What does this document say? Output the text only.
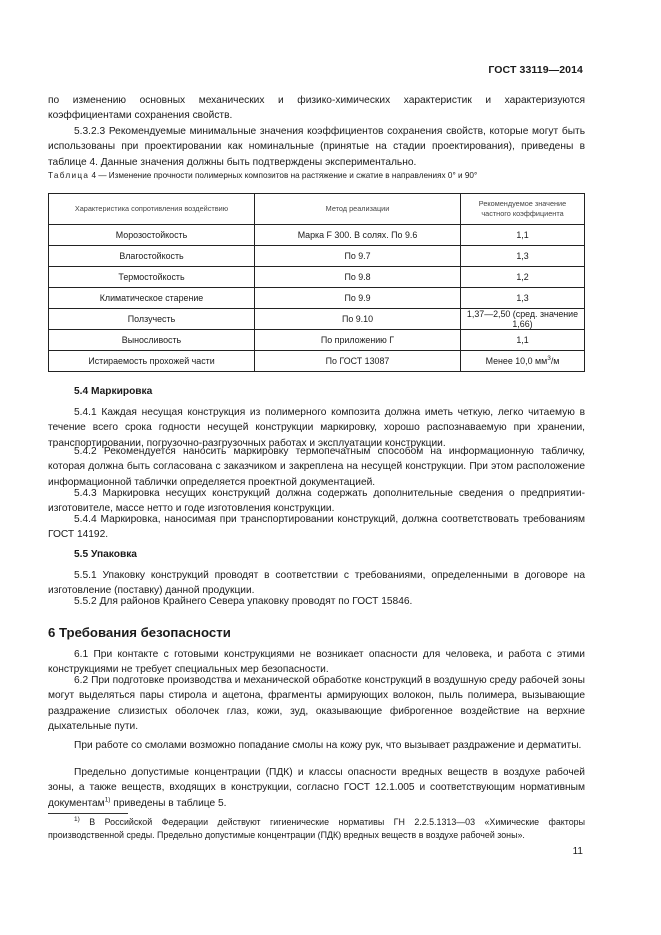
ГОСТ 33119—2014
по изменению основных механических и физико-химических характеристик и характеризуются коэффициентами сохранения свойств.
5.3.2.3 Рекомендуемые минимальные значения коэффициентов сохранения свойств, которые могут быть использованы при проектировании как номинальные (принятые на стадии проектирования), приведены в таблице 4. Данные значения должны быть подтверждены экспериментально.
Таблица 4 — Изменение прочности полимерных композитов на растяжение и сжатие в направлениях 0° и 90°
Характеристика сопротивления воздействию	Метод реализации	Рекомендуемое значение частного коэффициента
Морозостойкость	Марка F 300. В солях. По 9.6	1,1
Влагостойкость	По 9.7	1,3
Термостойкость	По 9.8	1,2
Климатическое старение	По 9.9	1,3
Ползучесть	По 9.10	1,37—2,50 (сред. значение 1,66)
Выносливость	По приложению Г	1,1
Истираемость прохожей части	По ГОСТ 13087	Менее 10,0 $мм^3/м$
5.4 Маркировка
5.4.1 Каждая несущая конструкция из полимерного композита должна иметь четкую, легко читаемую в течение всего срока годности несущей конструкции маркировку, хорошо распознаваемую при хранении, транспортировании, погрузочно-разгрузочных работах и эксплуатации конструкции.
5.4.2 Рекомендуется наносить маркировку термопечатным способом на информационную табличку, которая должна быть согласована с заказчиком и закреплена на несущей конструкции. При этом расположение информационной таблички определяется проектной документацией.
5.4.3 Маркировка несущих конструкций должна содержать дополнительные сведения о предприятии-изготовителе, массе нетто и годе изготовления конструкции.
5.4.4 Маркировка, наносимая при транспортировании конструкций, должна соответствовать требованиям ГОСТ 14192.
5.5 Упаковка
5.5.1 Упаковку конструкций проводят в соответствии с требованиями, определенными в договоре на изготовление (поставку) данной продукции.
5.5.2 Для районов Крайнего Севера упаковку проводят по ГОСТ 15846.
6 Требования безопасности
6.1 При контакте с готовыми конструкциями не возникает опасности для человека, и работа с этими конструкциями не требует специальных мер безопасности.
6.2 При подготовке производства и механической обработке конструкций в воздушную среду рабочей зоны могут выделяться пары стирола и ацетона, фрагменты армирующих волокон, пыль полимера, вызывающие раздражение слизистых оболочек глаз, кожи, зуд, оказывающие фиброгенное воздействие на верхние дыхательные пути.
При работе со смолами возможно попадание смолы на кожу рук, что вызывает раздражение и дерматиты.
Предельно допустимые концентрации (ПДК) и классы опасности вредных веществ в воздухе рабочей зоны, а также веществ, входящих в конструкции, согласно ГОСТ 12.1.005 и соответствующим нормативным документам$^{1)}$ приведены в таблице 5.
$^{1)}$ В Российской Федерации действуют гигиенические нормативы ГН 2.2.5.1313—03 «Химические факторы производственной среды. Предельно допустимые концентрации (ПДК) вредных веществ в воздухе рабочей зоны».
11
